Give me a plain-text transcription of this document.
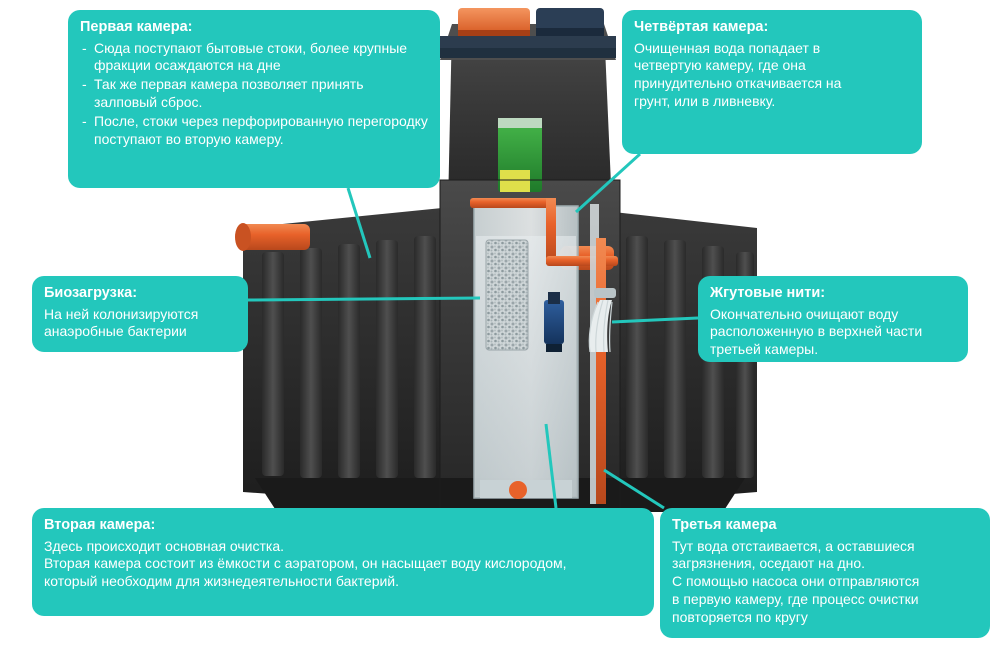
Первая камера:
- Сюда поступают бытовые стоки, более крупные фракции осаждаются на дне
- Так же первая камера позволяет принять залповый сброс.
- После, стоки через перфорированную перегородку поступают во вторую камеру.
Четвёртая камера:
Очищенная вода попадает в
четвертую камеру, где она
принудительно откачивается на
грунт, или в ливневку.
Биозагрузка:
На ней колонизируются
анаэробные бактерии
Жгутовые нити:
Окончательно очищают воду
расположенную в верхней части
третьей камеры.
Вторая камера:
Здесь происходит основная очистка.
Вторая камера состоит из ёмкости с аэратором, он насыщает воду кислородом,
который необходим для жизнедеятельности бактерий.
Третья камера
Тут вода отстаивается, а оставшиеся
загрязнения, оседают на дно.
С помощью насоса они отправляются
в первую камеру, где процесс очистки
повторяется по кругу
